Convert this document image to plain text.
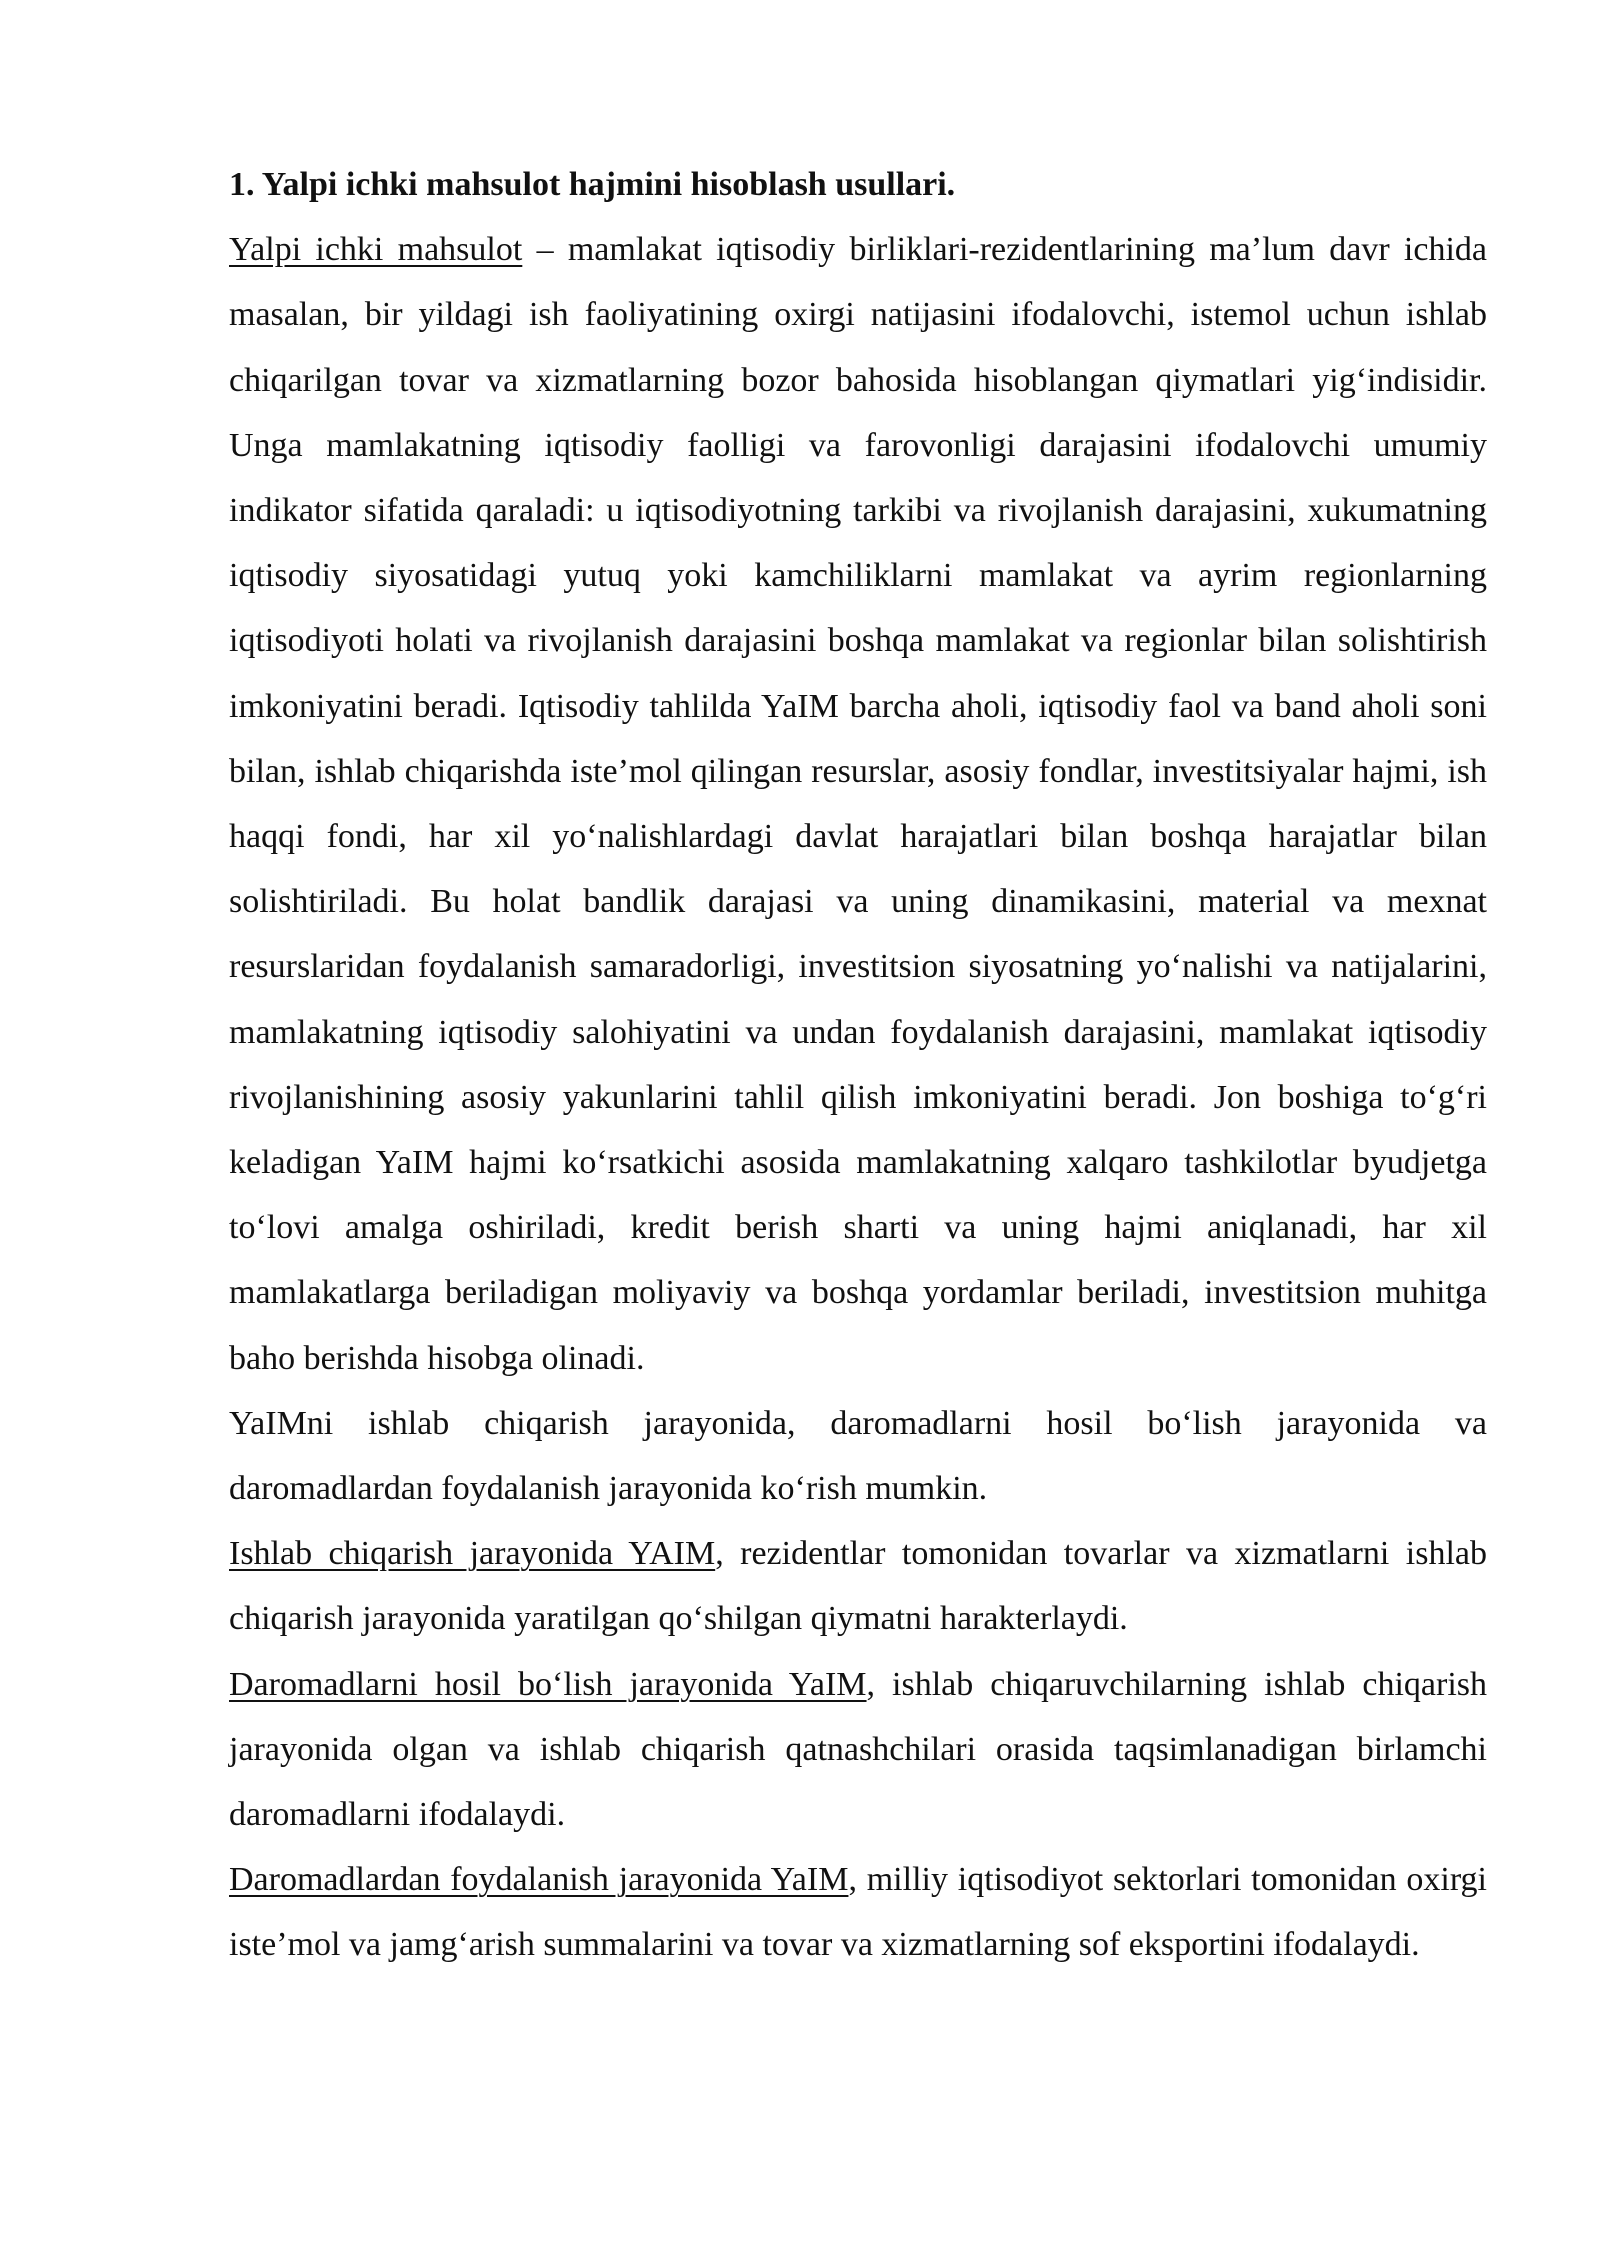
1. Yalpi ichki mahsulot hajmini hisoblash usullari.

Yalpi ichki mahsulot – mamlakat iqtisodiy birliklari-rezidentlarining ma’lum davr ichida masalan, bir yildagi ish faoliyatining oxirgi natijasini ifodalovchi, istemol uchun ishlab chiqarilgan tovar va xizmatlarning bozor bahosida hisoblangan qiymatlari yig‘indisidir. Unga mamlakatning iqtisodiy faolligi va farovonligi darajasini ifodalovchi umumiy indikator sifatida qaraladi: u iqtisodiyotning tarkibi va rivojlanish darajasini, xukumatning iqtisodiy siyosatidagi yutuq yoki kamchiliklarni mamlakat va ayrim regionlarning iqtisodiyoti holati va rivojlanish darajasini boshqa mamlakat va regionlar bilan solishtirish imkoniyatini beradi. Iqtisodiy tahlilda YaIM barcha aholi, iqtisodiy faol va band aholi soni bilan, ishlab chiqarishda iste’mol qilingan resurslar, asosiy fondlar, investitsiyalar hajmi, ish haqqi fondi, har xil yo‘nalishlardagi davlat harajatlari bilan boshqa harajatlar bilan solishtiriladi. Bu holat bandlik darajasi va uning dinamikasini, material va mexnat resurslaridan foydalanish samaradorligi, investitsion siyosatning yo‘nalishi va natijalarini, mamlakatning iqtisodiy salohiyatini va undan foydalanish darajasini, mamlakat iqtisodiy rivojlanishining asosiy yakunlarini tahlil qilish imkoniyatini beradi. Jon boshiga to‘g‘ri keladigan YaIM hajmi ko‘rsatkichi asosida mamlakatning xalqaro tashkilotlar byudjetga to‘lovi amalga oshiriladi, kredit berish sharti va uning hajmi aniqlanadi, har xil mamlakatlarga beriladigan moliyaviy va boshqa yordamlar beriladi, investitsion muhitga baho berishda hisobga olinadi.

YaIMni ishlab chiqarish jarayonida, daromadlarni hosil bo‘lish jarayonida va daromadlardan foydalanish jarayonida ko‘rish mumkin.

Ishlab chiqarish jarayonida YAIM, rezidentlar tomonidan tovarlar va xizmatlarni ishlab chiqarish jarayonida yaratilgan qo‘shilgan qiymatni harakterlaydi.

Daromadlarni hosil bo‘lish jarayonida YaIM, ishlab chiqaruvchilarning ishlab chiqarish jarayonida olgan va ishlab chiqarish qatnashchilari orasida taqsimlanadigan birlamchi daromadlarni ifodalaydi.

Daromadlardan foydalanish jarayonida YaIM, milliy iqtisodiyot sektorlari tomonidan oxirgi iste’mol va jamg‘arish summalarini va tovar va xizmatlarning sof eksportini ifodalaydi.
